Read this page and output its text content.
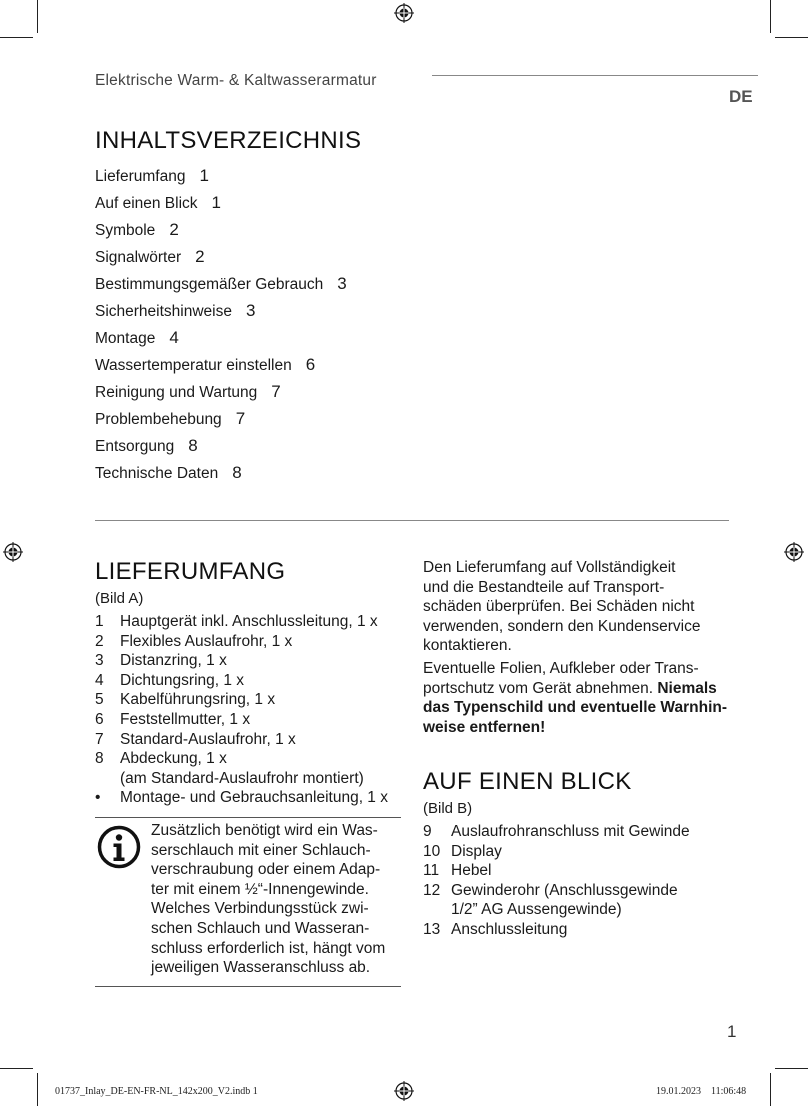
Elektrische Warm- & Kaltwasserarmatur
DE
INHALTSVERZEICHNIS
Lieferumfang 1
Auf einen Blick 1
Symbole 2
Signalwörter 2
Bestimmungsgemäßer Gebrauch 3
Sicherheitshinweise 3
Montage 4
Wassertemperatur einstellen 6
Reinigung und Wartung 7
Problembehebung 7
Entsorgung 8
Technische Daten 8
LIEFERUMFANG
(Bild A)
1 Hauptgerät inkl. Anschlussleitung, 1 x
2 Flexibles Auslaufrohr, 1 x
3 Distanzring, 1 x
4 Dichtungsring, 1 x
5 Kabelführungsring, 1 x
6 Feststellmutter, 1 x
7 Standard-Auslaufrohr, 1 x
8 Abdeckung, 1 x
(am Standard-Auslaufrohr montiert)
• Montage- und Gebrauchsanleitung, 1 x
Zusätzlich benötigt wird ein Was-
serschlauch mit einer Schlauch-
verschraubung oder einem Adap-
ter mit einem ½“-Innengewinde.
Welches Verbindungsstück zwi-
schen Schlauch und Wasseran-
schluss erforderlich ist, hängt vom
jeweiligen Wasseranschluss ab.
Den Lieferumfang auf Vollständigkeit
und die Bestandteile auf Transport-
schäden überprüfen. Bei Schäden nicht
verwenden, sondern den Kundenservice
kontaktieren.
Eventuelle Folien, Aufkleber oder Trans-
portschutz vom Gerät abnehmen. Niemals
das Typenschild und eventuelle Warnhin-
weise entfernen!
AUF EINEN BLICK
(Bild B)
9 Auslaufrohranschluss mit Gewinde
10 Display
11 Hebel
12 Gewinderohr (Anschlussgewinde
1/2” AG Aussengewinde)
13 Anschlussleitung
1
01737_Inlay_DE-EN-FR-NL_142x200_V2.indb 1	19.01.2023 11:06:48
